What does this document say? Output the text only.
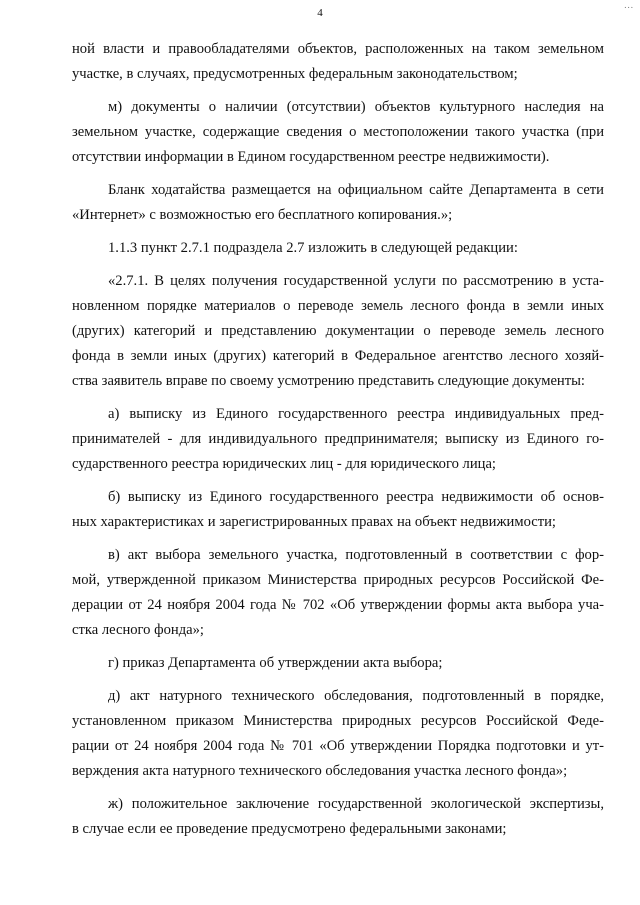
...
4
ной власти и правообладателями объектов, расположенных на таком земельном
участке, в случаях, предусмотренных федеральным законодательством;
м) документы о наличии (отсутствии) объектов культурного наследия на
земельном участке, содержащие сведения о местоположении такого участка (при
отсутствии информации в Едином государственном реестре недвижимости).
Бланк ходатайства размещается на официальном сайте Департамента в сети
«Интернет» с возможностью его бесплатного копирования.»;
1.1.3 пункт 2.7.1 подраздела 2.7 изложить в следующей редакции:
«2.7.1. В целях получения государственной услуги по рассмотрению в уста-
новленном порядке материалов о переводе земель лесного фонда в земли иных
(других) категорий и представлению документации о переводе земель лесного
фонда в земли иных (других) категорий в Федеральное агентство лесного хозяй-
ства заявитель вправе по своему усмотрению представить следующие документы:
а) выписку из Единого государственного реестра индивидуальных пред-
принимателей - для индивидуального предпринимателя; выписку из Единого го-
сударственного реестра юридических лиц - для юридического лица;
б) выписку из Единого государственного реестра недвижимости об основ-
ных характеристиках и зарегистрированных правах на объект недвижимости;
в) акт выбора земельного участка, подготовленный в соответствии с фор-
мой, утвержденной приказом Министерства природных ресурсов Российской Фе-
дерации от 24 ноября 2004 года № 702 «Об утверждении формы акта выбора уча-
стка лесного фонда»;
г) приказ Департамента об утверждении акта выбора;
д) акт натурного технического обследования, подготовленный в порядке,
установленном приказом Министерства природных ресурсов Российской Феде-
рации от 24 ноября 2004 года № 701 «Об утверждении Порядка подготовки и ут-
верждения акта натурного технического обследования участка лесного фонда»;
ж) положительное заключение государственной экологической экспертизы,
в случае если ее проведение предусмотрено федеральными законами;
